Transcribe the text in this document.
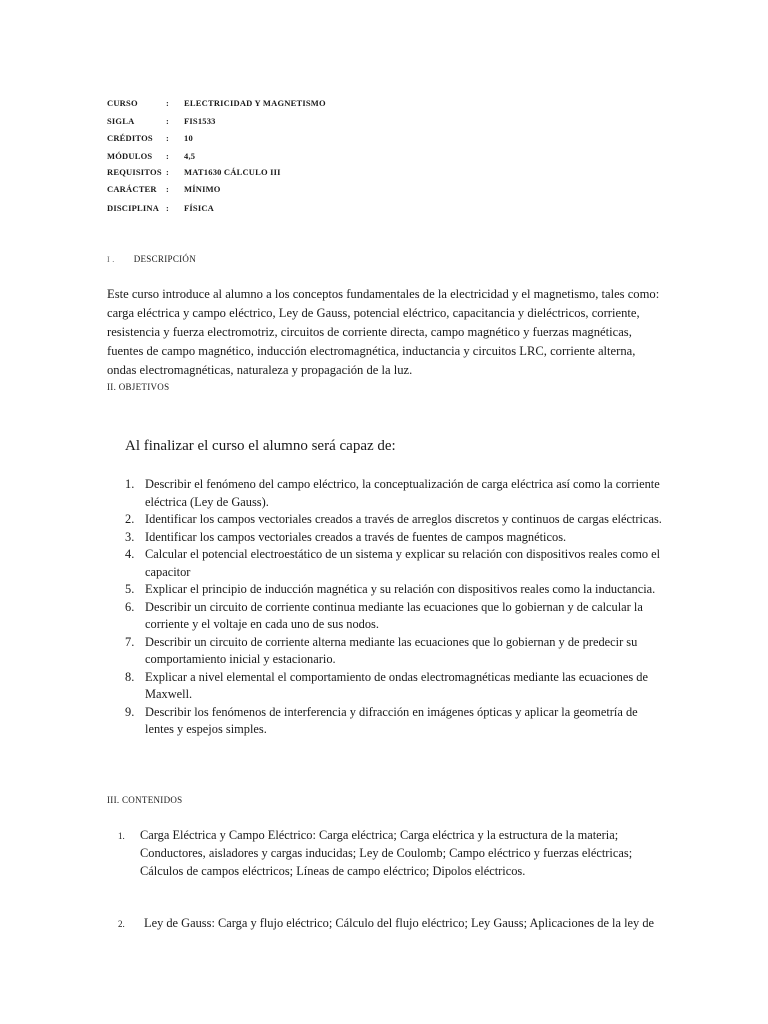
CURSO	: ELECTRICIDAD Y MAGNETISMO
SIGLA	: FIS1533
CRÉDITOS : 10
MÓDULOS : 4,5
REQUISITOS : MAT1630 CÁLCULO III
CARÁCTER : MÍNIMO
DISCIPLINA : FÍSICA
I . DESCRIPCIÓN
Este curso introduce al alumno a los conceptos fundamentales de la electricidad y el magnetismo, tales como: carga eléctrica y campo eléctrico, Ley de Gauss, potencial eléctrico, capacitancia y dieléctricos, corriente, resistencia y fuerza electromotriz, circuitos de corriente directa, campo magnético y fuerzas magnéticas, fuentes de campo magnético, inducción electromagnética, inductancia y circuitos LRC, corriente alterna, ondas electromagnéticas, naturaleza y propagación de la luz.
II. OBJETIVOS
Al finalizar el curso el alumno será capaz de:
1. Describir el fenómeno del campo eléctrico, la conceptualización de carga eléctrica así como la corriente eléctrica (Ley de Gauss).
2. Identificar los campos vectoriales creados a través de arreglos discretos y continuos de cargas eléctricas.
3. Identificar los campos vectoriales creados a través de fuentes de campos magnéticos.
4. Calcular el potencial electroestático de un sistema y explicar su relación con dispositivos reales como el capacitor
5. Explicar el principio de inducción magnética y su relación con dispositivos reales como la inductancia.
6. Describir un circuito de corriente continua mediante las ecuaciones que lo gobiernan y de calcular la corriente y el voltaje en cada uno de sus nodos.
7. Describir un circuito de corriente alterna mediante las ecuaciones que lo gobiernan y de predecir su comportamiento inicial y estacionario.
8. Explicar a nivel elemental el comportamiento de ondas electromagnéticas mediante las ecuaciones de Maxwell.
9. Describir los fenómenos de interferencia y difracción en imágenes ópticas y aplicar la geometría de lentes y espejos simples.
III. CONTENIDOS
1. Carga Eléctrica y Campo Eléctrico: Carga eléctrica; Carga eléctrica y la estructura de la materia; Conductores, aisladores y cargas inducidas; Ley de Coulomb; Campo eléctrico y fuerzas eléctricas; Cálculos de campos eléctricos; Líneas de campo eléctrico; Dipolos eléctricos.
2. Ley de Gauss: Carga y flujo eléctrico; Cálculo del flujo eléctrico; Ley Gauss; Aplicaciones de la ley de
